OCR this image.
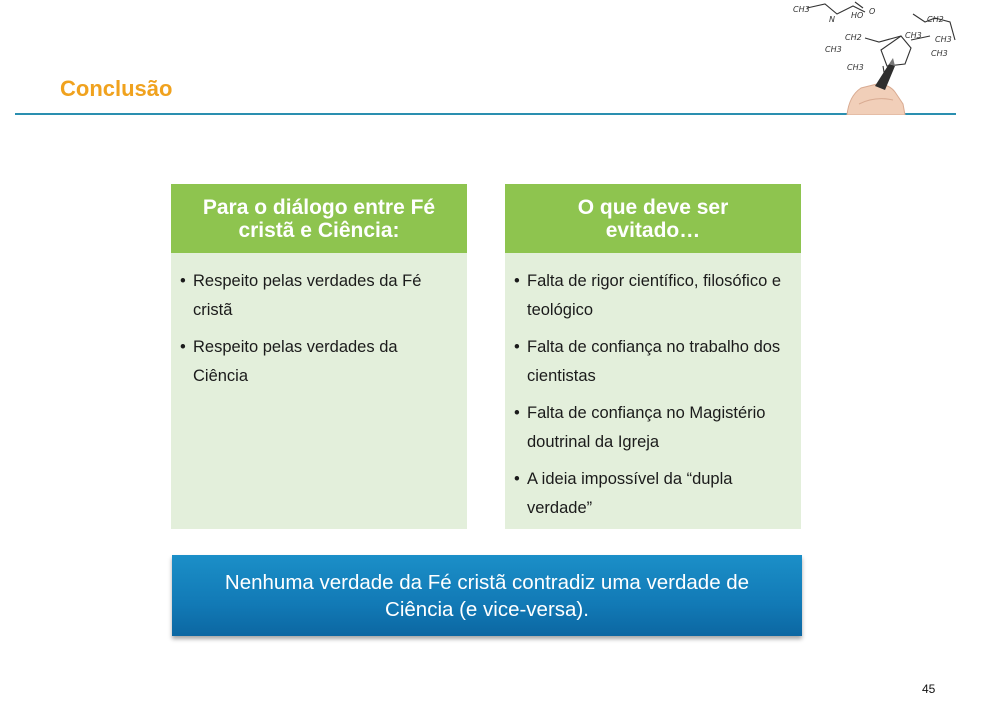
Conclusão
CH3
N HO O
CH2
CH3
CH2	CH3
CH3	CH3
CH3
Para o diálogo entre Fé
cristã e Ciência:
• Respeito pelas verdades da Fé cristã
• Respeito pelas verdades da Ciência
O que deve ser
evitado…
• Falta de rigor científico, filosófico e teológico
• Falta de confiança no trabalho dos cientistas
• Falta de confiança no Magistério doutrinal da Igreja
• A ideia impossível da “dupla verdade”
Nenhuma verdade da Fé cristã contradiz uma verdade de Ciência (e vice-versa).
45
